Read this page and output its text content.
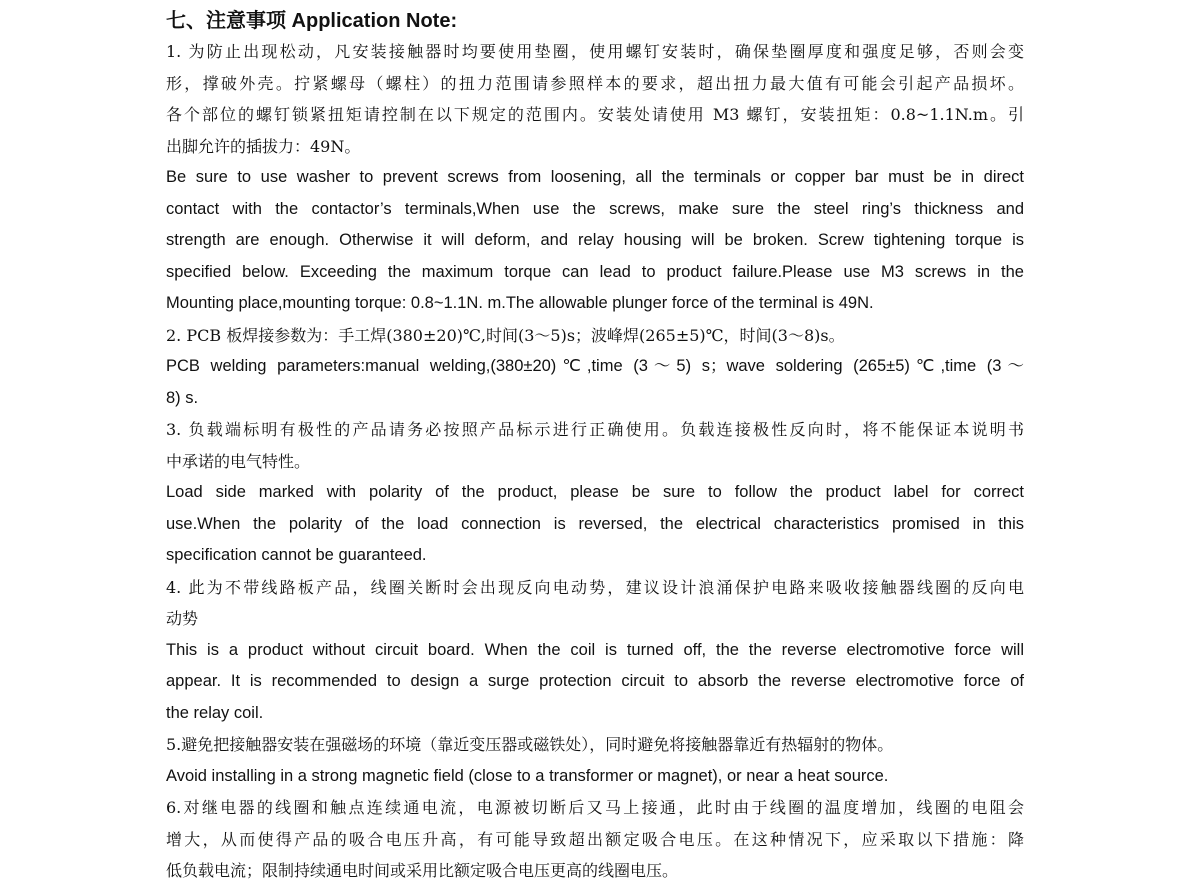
七、注意事项 Application Note:

1. 为防止出现松动，凡安装接触器时均要使用垫圈，使用螺钉安装时，确保垫圈厚度和强度足够，否则会变

形，撑破外壳。拧紧螺母（螺柱）的扭力范围请参照样本的要求，超出扭力最大值有可能会引起产品损坏。

各个部位的螺钉锁紧扭矩请控制在以下规定的范围内。安装处请使用 M3 螺钉，安装扭矩：0.8~1.1N.m。引

出脚允许的插拔力：49N。

Be sure to use washer to prevent screws from loosening, all the terminals or copper bar must be in direct

contact with the contactor’s terminals,When use the screws, make sure the steel ring’s thickness and

strength are enough. Otherwise it will deform, and relay housing will be broken. Screw tightening torque is

specified below. Exceeding the maximum torque can lead to product failure.Please use M3 screws in the

Mounting place,mounting torque: 0.8~1.1N. m.The allowable plunger force of the terminal is 49N.

2. PCB 板焊接参数为：手工焊(380±20)℃,时间(3～5)s；波峰焊(265±5)℃，时间(3～8)s。

PCB welding parameters:manual welding,(380±20)℃,time (3～5) s；wave soldering (265±5)℃,time (3～

8) s.

3. 负载端标明有极性的产品请务必按照产品标示进行正确使用。负载连接极性反向时，将不能保证本说明书

中承诺的电气特性。

Load side marked with polarity of the product, please be sure to follow the product label for correct

use.When the polarity of the load connection is reversed, the electrical characteristics promised in this

specification cannot be guaranteed.

4. 此为不带线路板产品，线圈关断时会出现反向电动势，建议设计浪涌保护电路来吸收接触器线圈的反向电

动势

This is a product without circuit board. When the coil is turned off, the the reverse electromotive force will

appear. It is recommended to design a surge protection circuit to absorb the reverse electromotive force of

the relay coil.

5.避免把接触器安装在强磁场的环境（靠近变压器或磁铁处），同时避免将接触器靠近有热辐射的物体。

Avoid installing in a strong magnetic field (close to a transformer or magnet), or near a heat source.

6.对继电器的线圈和触点连续通电流，电源被切断后又马上接通，此时由于线圈的温度增加，线圈的电阻会

增大，从而使得产品的吸合电压升高，有可能导致超出额定吸合电压。在这种情况下，应采取以下措施：降

低负载电流；限制持续通电时间或采用比额定吸合电压更高的线圈电压。
